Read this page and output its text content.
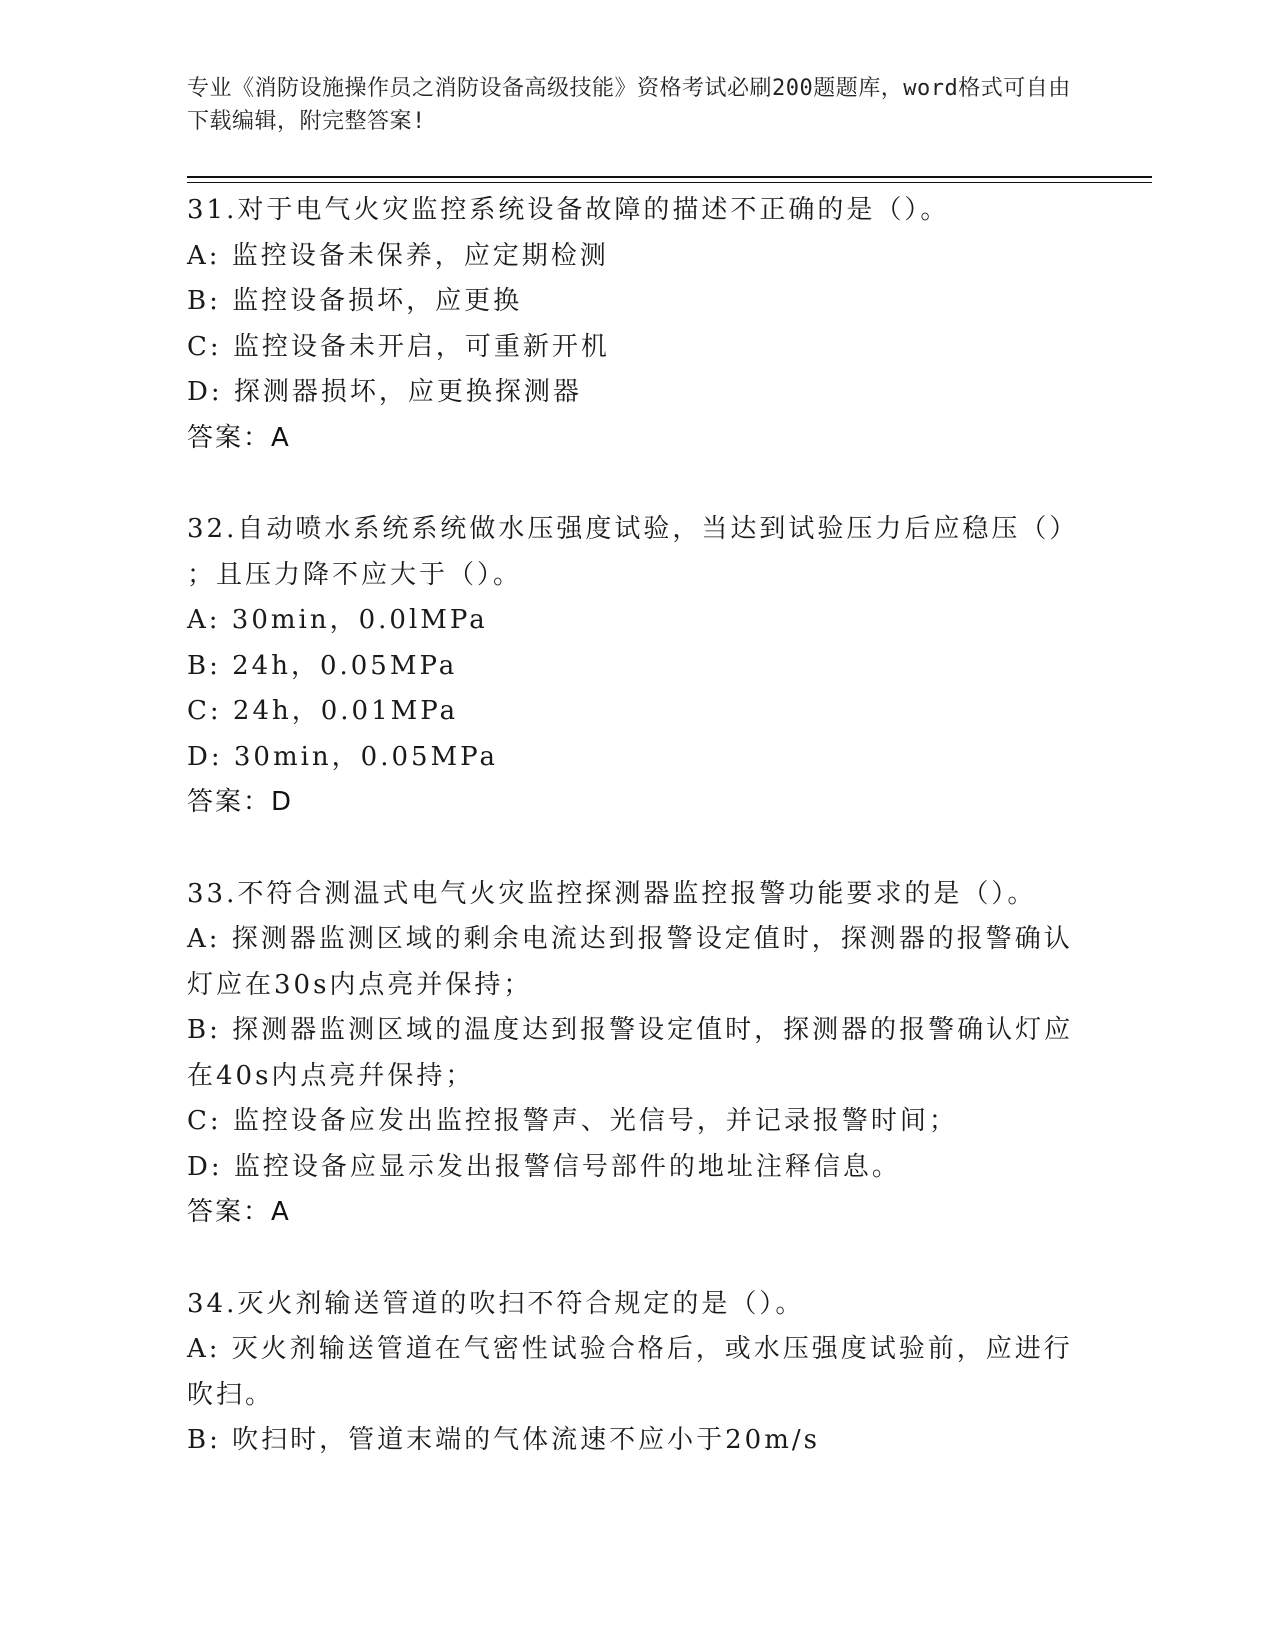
专业《消防设施操作员之消防设备高级技能》资格考试必刷200题题库，word格式可自由下载编辑，附完整答案!
31.对于电气火灾监控系统设备故障的描述不正确的是（）。
A: 监控设备未保养，应定期检测
B: 监控设备损坏，应更换
C: 监控设备未开启，可重新开机
D: 探测器损坏，应更换探测器
答案：A
32.自动喷水系统系统做水压强度试验，当达到试验压力后应稳压（）
；且压力降不应大于（）。
A: 30min，0.0lMPa
B: 24h，0.05MPa
C: 24h，0.01MPa
D: 30min，0.05MPa
答案：D
33.不符合测温式电气火灾监控探测器监控报警功能要求的是（）。
A: 探测器监测区域的剩余电流达到报警设定值时，探测器的报警确认
灯应在30s内点亮并保持；
B: 探测器监测区域的温度达到报警设定值时，探测器的报警确认灯应
在40s内点亮幷保持；
C: 监控设备应发出监控报警声、光信号，并记录报警时间；
D: 监控设备应显示发出报警信号部件的地址注释信息。
答案：A
34.灭火剂输送管道的吹扫不符合规定的是（）。
A: 灭火剂输送管道在气密性试验合格后，或水压强度试验前，应进行
吹扫。
B: 吹扫时，管道末端的气体流速不应小于20m/s
